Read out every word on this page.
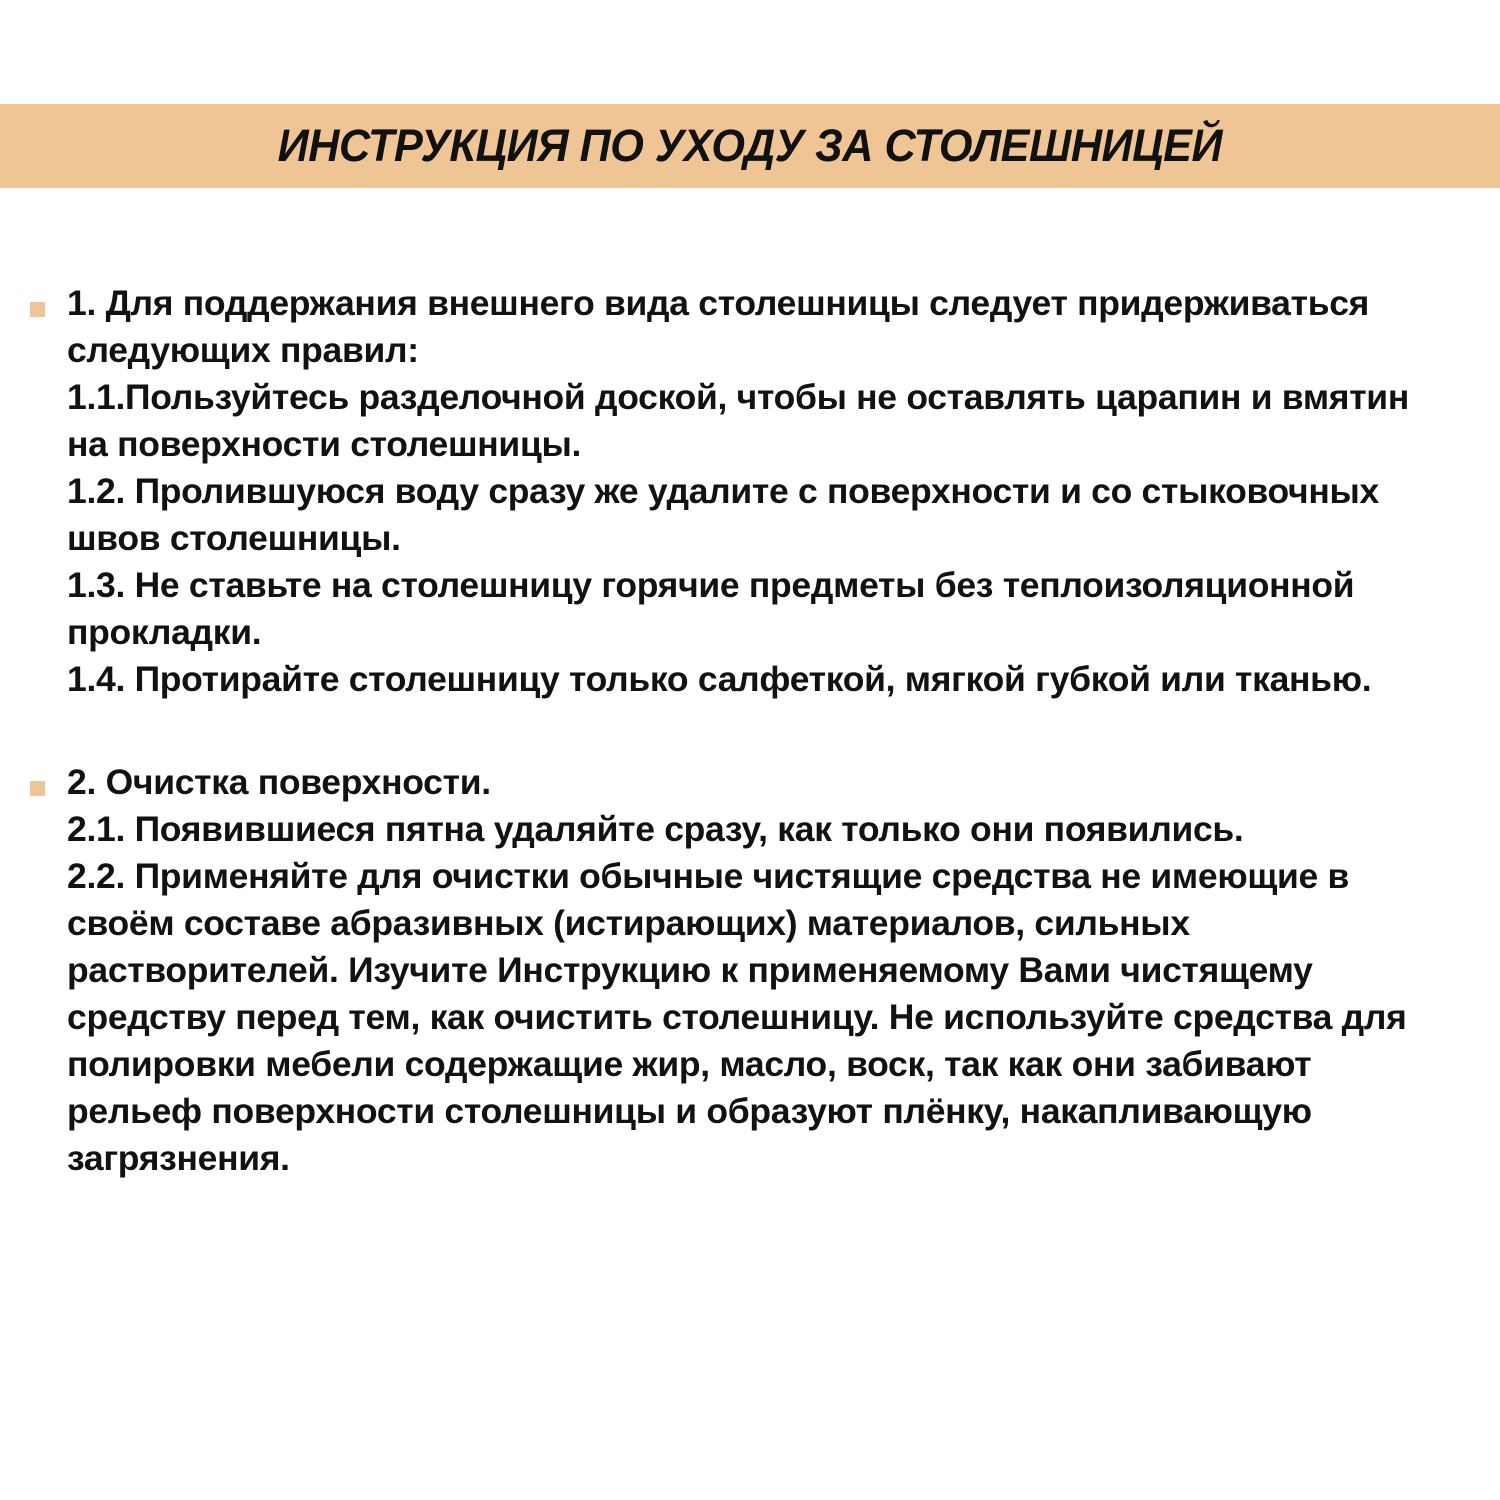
ИНСТРУКЦИЯ ПО УХОДУ ЗА СТОЛЕШНИЦЕЙ

1. Для поддержания внешнего вида столешницы следует придерживаться следующих правил:

1.1.Пользуйтесь разделочной доской, чтобы не оставлять царапин и вмятин на поверхности столешницы.

1.2. Пролившуюся воду сразу же удалите с поверхности и со стыковочных швов столешницы.

1.3. Не ставьте на столешницу горячие предметы без теплоизоляционной прокладки.

1.4. Протирайте столешницу только салфеткой, мягкой губкой или тканью.

2. Очистка поверхности.

2.1. Появившиеся пятна удаляйте сразу, как только они появились.

2.2. Применяйте для очистки обычные чистящие средства не имеющие в своём составе абразивных (истирающих) материалов, сильных растворителей. Изучите Инструкцию к применяемому Вами чистящему средству перед тем, как очистить столешницу. Не используйте средства для полировки мебели содержащие жир, масло, воск, так как они забивают рельеф поверхности столешницы и образуют плёнку, накапливающую загрязнения.
